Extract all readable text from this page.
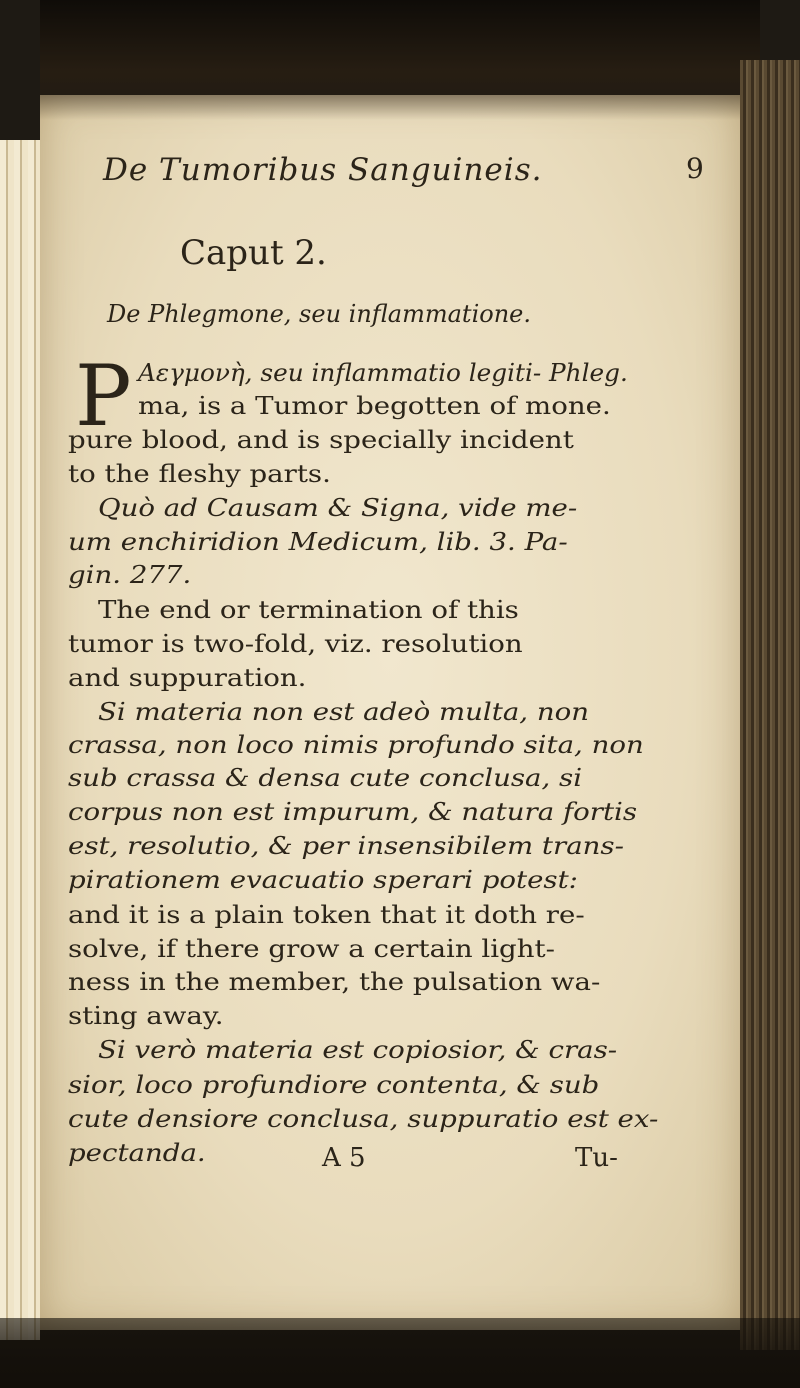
De Tumoribus Sanguineis.	9
Caput 2.
De Phlegmone, seu inflammatione.
P Αεγμονὴ, seu inflammatio legiti- Phleg.
ma, is a Tumor begotten of mone.
pure blood, and is specially incident
to the fleshy parts.
Quò ad Causam & Signa, vide me-
um enchiridion Medicum, lib. 3. Pa-
gin. 277.
The end or termination of this
tumor is two-fold, viz. resolution
and suppuration.
Si materia non est adeò multa, non
crassa, non loco nimis profundo sita, non
sub crassa & densa cute conclusa, si
corpus non est impurum, & natura fortis
est, resolutio, & per insensibilem trans-
pirationem evacuatio sperari potest:
and it is a plain token that it doth re-
solve, if there grow a certain light-
ness in the member, the pulsation wa-
sting away.
Si verò materia est copiosior, & cras-
sior, loco profundiore contenta, & sub
cute densiore conclusa, suppuratio est ex-
pectanda.	A 5	Tu-
